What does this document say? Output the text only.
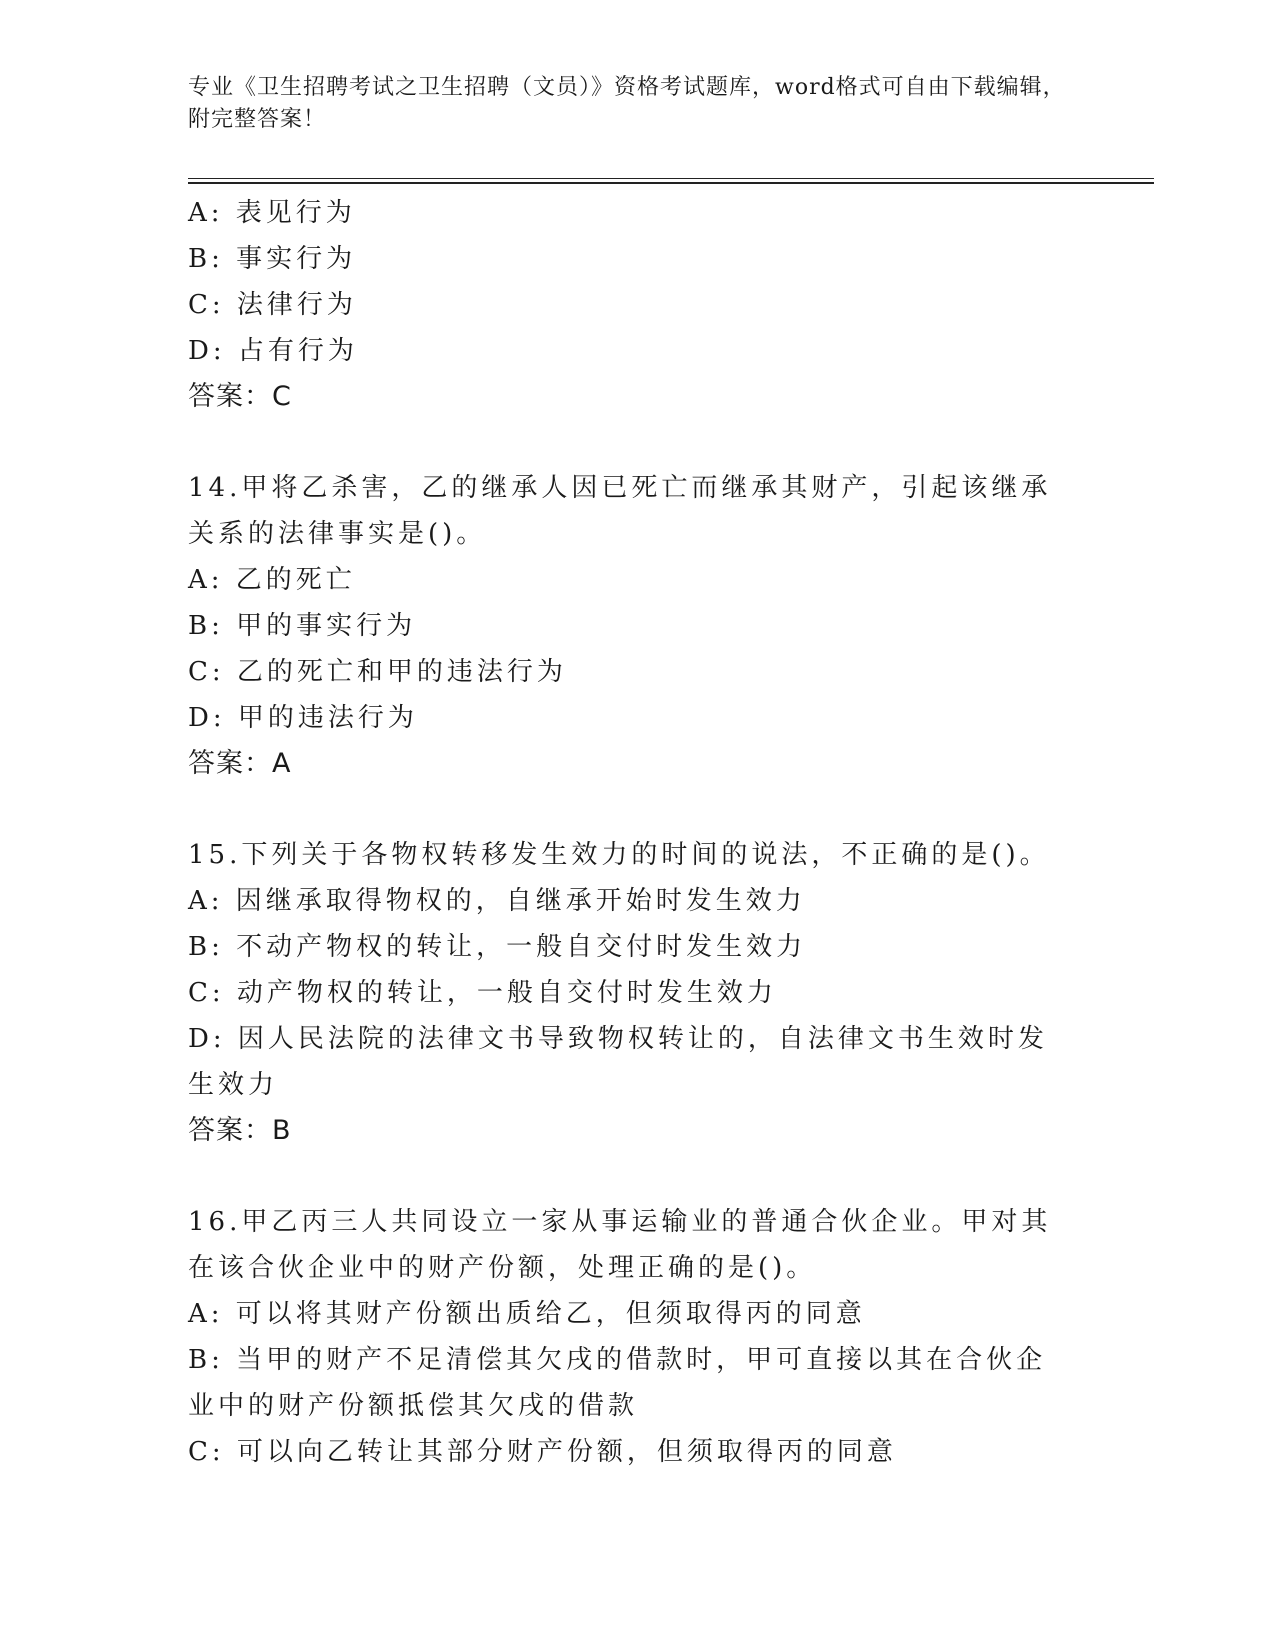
专业《卫生招聘考试之卫生招聘（文员）》资格考试题库，word格式可自由下载编辑，附完整答案！
A: 表见行为
B: 事实行为
C: 法律行为
D: 占有行为
答案：C
14.甲将乙杀害，乙的继承人因已死亡而继承其财产，引起该继承关系的法律事实是()。
A: 乙的死亡
B: 甲的事实行为
C: 乙的死亡和甲的违法行为
D: 甲的违法行为
答案：A
15.下列关于各物权转移发生效力的时间的说法，不正确的是()。
A: 因继承取得物权的，自继承开始时发生效力
B: 不动产物权的转让，一般自交付时发生效力
C: 动产物权的转让，一般自交付时发生效力
D: 因人民法院的法律文书导致物权转让的，自法律文书生效时发生效力
答案：B
16.甲乙丙三人共同设立一家从事运输业的普通合伙企业。甲对其在该合伙企业中的财产份额，处理正确的是()。
A: 可以将其财产份额出质给乙，但须取得丙的同意
B: 当甲的财产不足清偿其欠戌的借款时，甲可直接以其在合伙企业中的财产份额抵偿其欠戌的借款
C: 可以向乙转让其部分财产份额，但须取得丙的同意
